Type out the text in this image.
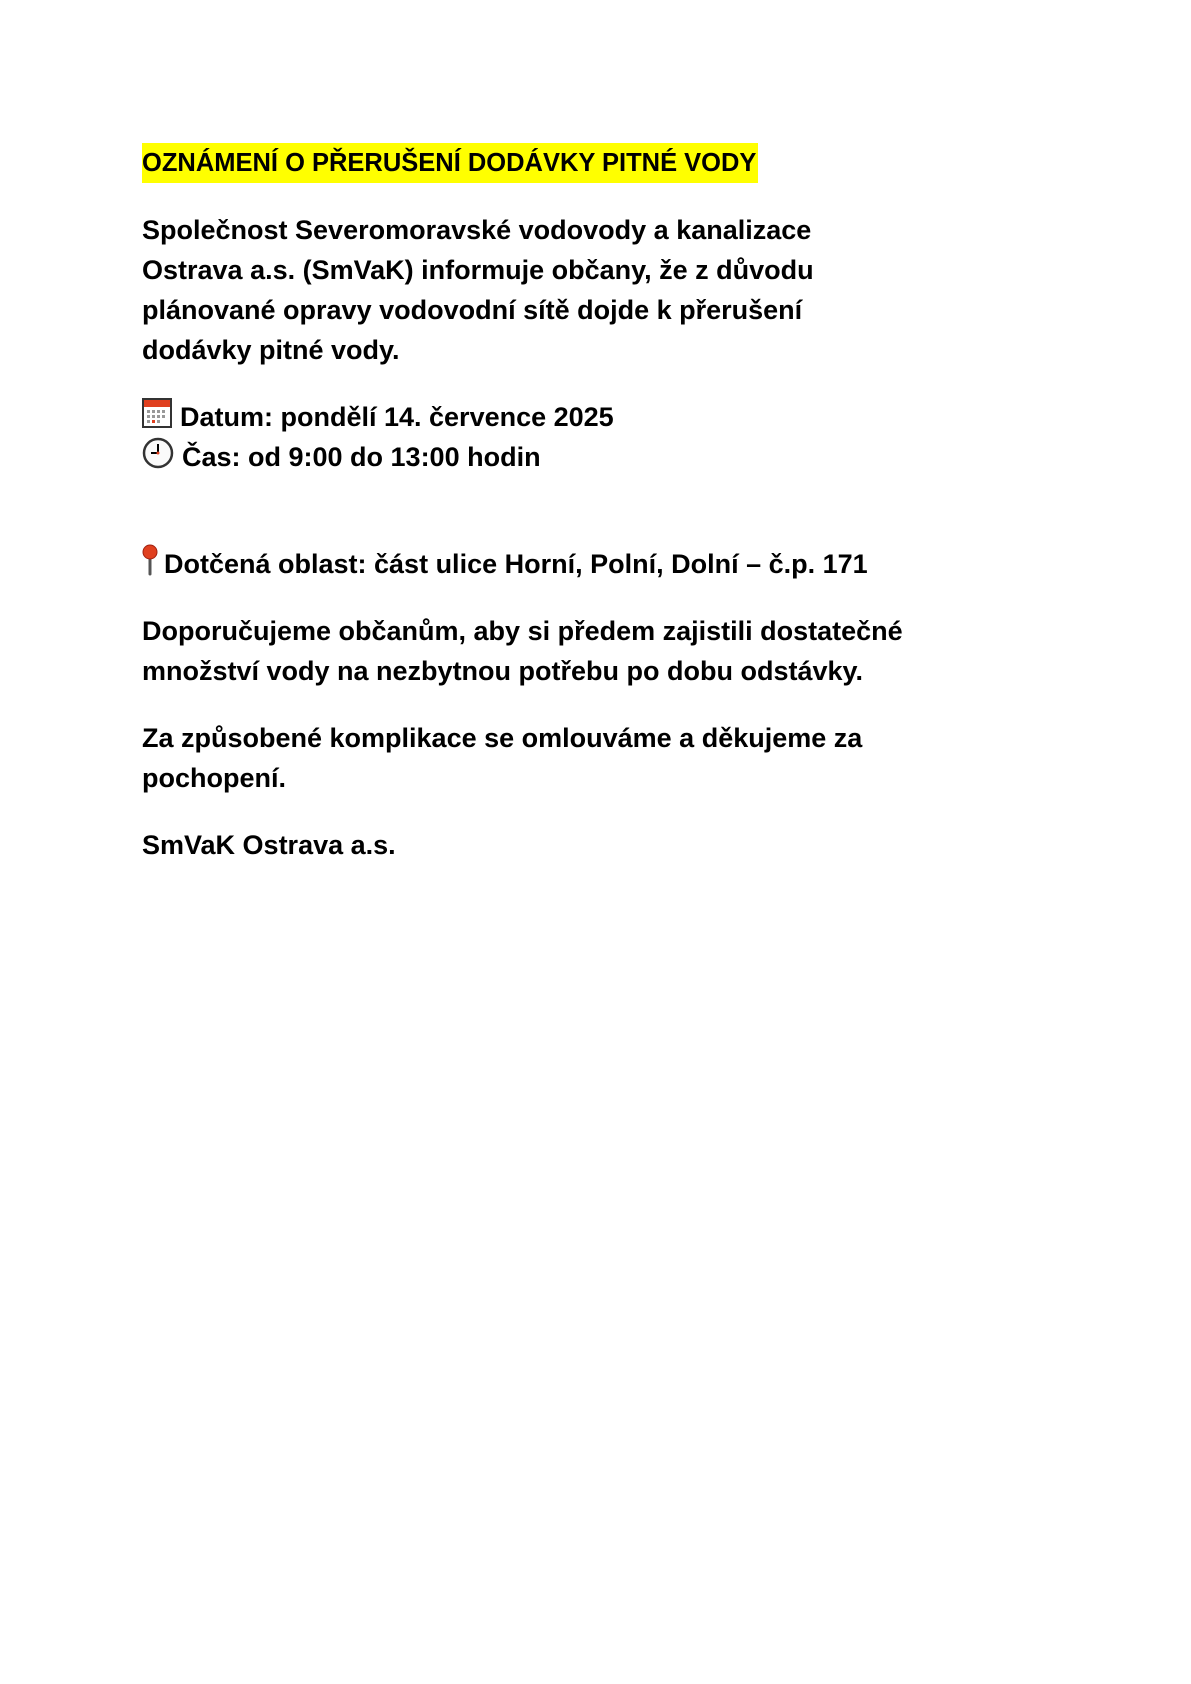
OZNÁMENÍ O PŘERUŠENÍ DODÁVKY PITNÉ VODY
Společnost Severomoravské vodovody a kanalizace
Ostrava a.s. (SmVaK) informuje občany, že z důvodu
plánované opravy vodovodní sítě dojde k přerušení
dodávky pitné vody.
Datum: pondělí 14. července 2025
Čas: od 9:00 do 13:00 hodin
Dotčená oblast: část ulice Horní, Polní, Dolní – č.p. 171
Doporučujeme občanům, aby si předem zajistili dostatečné
množství vody na nezbytnou potřebu po dobu odstávky.
Za způsobené komplikace se omlouváme a děkujeme za
pochopení.
SmVaK Ostrava a.s.
